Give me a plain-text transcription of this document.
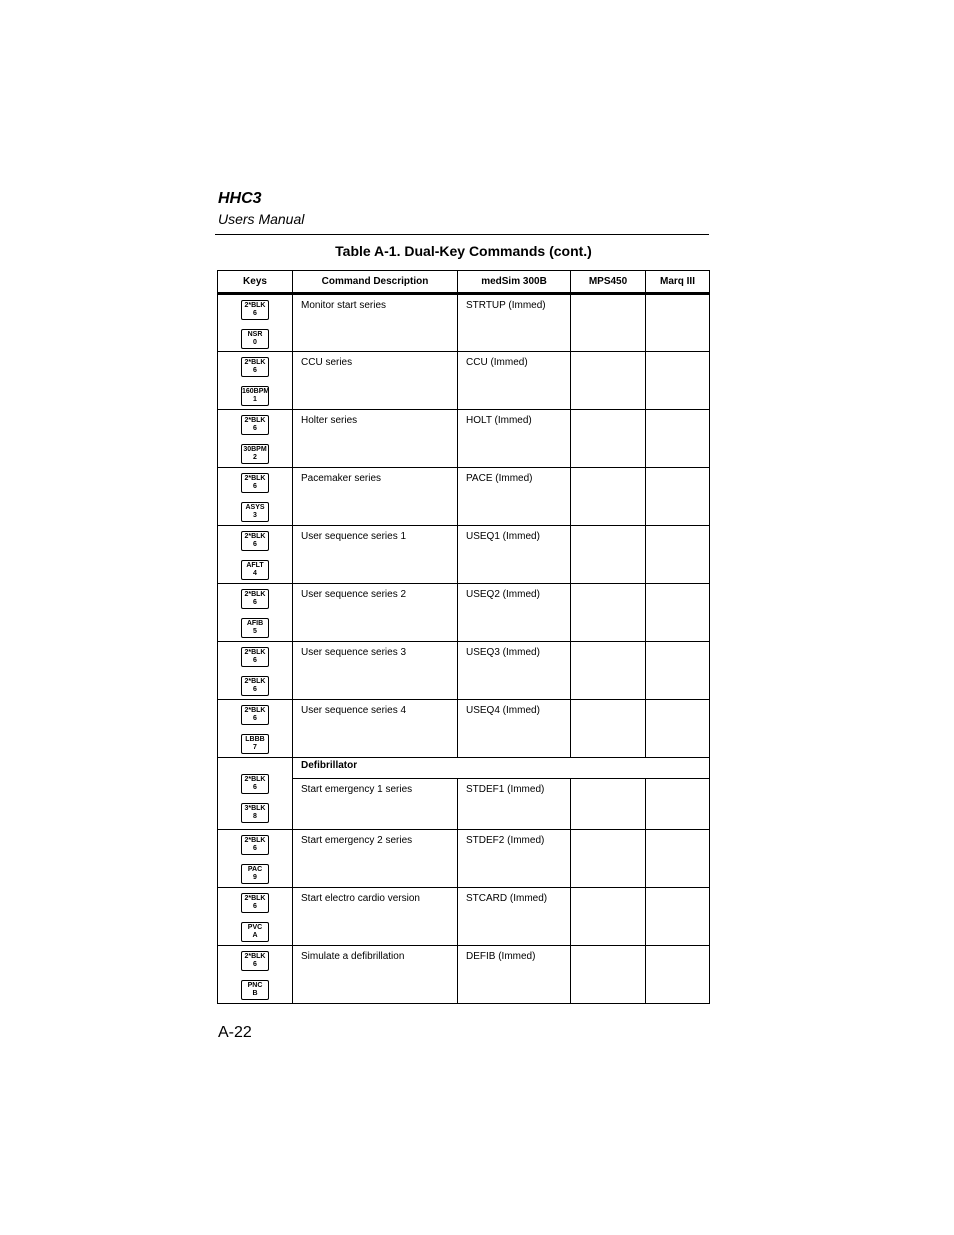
HHC3
Users Manual
Table A-1. Dual-Key Commands (cont.)
Keys	Command Description	medSim 300B	MPS450	Marq III

2*BLK
6
NSR
0	Monitor start series	STRTUP (Immed)		

2*BLK
6
160BPM
1	CCU series	CCU (Immed)		

2*BLK
6
30BPM
2	Holter series	HOLT (Immed)		

2*BLK
6
ASYS
3	Pacemaker series	PACE (Immed)		

2*BLK
6
AFLT
4	User sequence series 1	USEQ1 (Immed)		

2*BLK
6
AFIB
5	User sequence series 2	USEQ2 (Immed)		

2*BLK
6
2*BLK
6	User sequence series 3	USEQ3 (Immed)		

2*BLK
6
LBBB
7	User sequence series 4	USEQ4 (Immed)		

2*BLK
6
3*BLK
8	Defibrillator			
	Start emergency 1 series	STDEF1 (Immed)		

2*BLK
6
PAC
9	Start emergency 2 series	STDEF2 (Immed)		

2*BLK
6
PVC
A	Start electro cardio version	STCARD (Immed)		

2*BLK
6
PNC
B	Simulate a defibrillation	DEFIB (Immed)		
A-22
